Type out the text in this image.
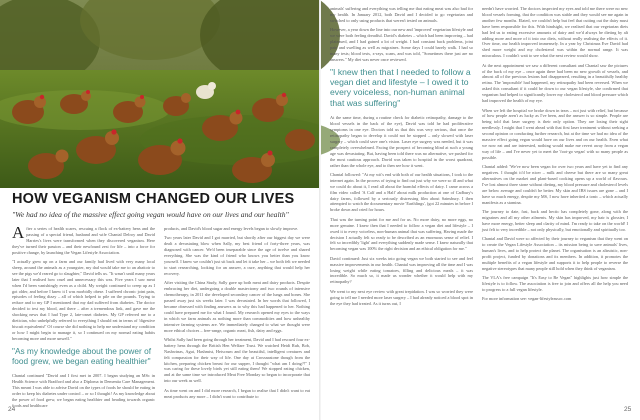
HOW VEGANISM CHANGED OUR LIVES
"We had no idea of the massive effect going vegan would have on our lives and our health"

After a series of health scares, rescuing a flock of ex-battery hens and the passing of a special friend, husband and wife Chantal Delroy and David Harries's lives were transformed when they discovered veganism. Here they've turned their passion – and their newfound zest for life – into a force for positive change, by launching the Vegan Lifestyle Association.

"I actually grew up on a farm and our family had lived with very many local sheep, around the animals as a youngster, my dad would take me to an abattoir to see the pigs we'd reared go to slaughter," David tells us. "It wasn't until many years later that I realised how cruel and unnecessary this was. Five years I saw meat when I'd been vanishingly even as a child. My weight continued to creep up as I got older, and before I knew it I was morbidly obese. I suffered chronic joint pain, episodes of feeling dizzy – all of which helped to pile on the pounds. Trying to reduce and to my GP I mentioned that my dad suffered from diabetes. The doctor decided to test my blood, and there – after a tremendous link, and gave me the shocking news that I had Type 2, late-onset diabetes. My GP referred me to a dietician, who unhelpfully referred to everything I should eat in terms of 'digestive biscuit equivalents!' Of course she did nothing to help me understand my condition or how I might begin to manage it, so I continued on my normal eating habits becoming more and more unwell."

"As my knowledge about the power of food grew, we began eating healthier"

Chantal continued "David and I first met in 2007. I began studying an MSc in Health Science with Bradford and also a Diploma in Dementia Care Management. This meant I was able to advise David on the types of foods he should be eating in order to keep his diabetes under control – or so I thought! As my knowledge about the power of food grew, we began eating healthier and heading towards organic foods and healthcare

products, and David's blood sugar and energy levels began to slowly improve.

Two years later David and I got married, but shortly after our biggest day we were dealt a devastating blow when Sally, my best friend of forty-three years, was diagnosed with cancer. We'd been inseparable since the age of twelve and shared everything. She was the kind of friend who knows you better than you know yourself. I knew we couldn't just sit back and let it take her – we both felt we needed to start researching, looking for an answer, a cure, anything that would help her recovery.

After visiting the China Study, Sally gave up both meat and dairy products. Despite embracing her diet, undergoing a double mastectomy and two rounds of intensive chemotherapy, in 2011 she developed secondary cancer of the lungs and bones. She passed away just six weeks later. I was devastated. In her words that followed, I became obsessed with finding answers as to why this had happened to her. Nothing could have prepared me for what I found. My research opened my eyes to the ways in which we farm animals as nothing more than commodities and how unhealthy intensive farming systems are. We immediately changed to what we thought were more ethical choices – free-range, organic meat, fish, dairy and eggs.

Whilst Sally had been going through her treatment, David and I had rescued four ex-battery hens through the British Hen Welfare Trust. We watched Heidi Rub, Bob, Nashwinas, Agui, Hashmist, Heiscrum and the beautiful, intelligent creatures and felt compassion for their way of life. One day at Crossnastone though from the kitchen, preparing chicken breast for our supper, I thought "what am I doing?!" I was caring for these lovely birds yet still eating them! We stopped eating chicken, and at the same time we introduced Meat Free Monday so began to incorporate that into our week as well.

As time went on and I did more research, I began to realise that I didn't want to eat meat products any more – I didn't want to contribute to

animals' suffering and everything was telling me that eating meat was also bad for my health. In January 2012, both David and I decided to go vegetarian and switched to only using products that weren't tested on animals.

However, a year down the line into our new and 'improved' vegetarian lifestyle and we were both feeling dreadful. David's diabetes – which had been improving – had plateaued, and I had gained a lot of weight. I had constant back problems, joint pain and swelling as well as migraines. Some days I could barely walk. I had so many tests; blood tests, x-rays, scans, and was told, "Sometimes there just are no answers." My diet was never once reviewed.

"I knew then that I needed to follow a vegan diet and lifestyle – I owed it to every voiceless, non-human animal that was suffering"

At the same time, during a routine check for diabetic retinopathy, damage to the blood vessels in the back of the eye), David was told he had proliferative symptoms in one eye. Doctors told us that this was very serious, that once the retinopathy began to develop it could not be stopped – only slowed with laser surgery – which could save one's vision. Laser eye surgery was needed, but it was completely overwhelmed. Facing the prospect of becoming blind at such a young age was devastating. But, having been told there was no alternative, we pushed for the most cautious approach. David was taken to hospital in the worst quadrant, rather than the whole eye, and to then see how it went.

Chantal followed: "At my wit's end with both of our health situations, I took to the internet again. In the process of trying to find out just why we were so ill and what we could do about it, I read all about the harmful effects of dairy. I came across a film video called 'A Calf and a Half' about milk production at one of Cadbury's dairy farms, followed by a seriously distressing film about Sainsbury. I then attempted to watch the documentary movie 'Earthlings', (got 22 minutes in before I broke down and cried for hours.

That was the turning point for me and for us. No more dairy, no more eggs, no more genuine. I knew then that I needed to follow a vegan diet and lifestyle – I owed it to every voiceless, non-human animal that was suffering. Having made the decision I actually felt so ready to be described as an enormous sense of relief. I felt so incredibly 'light' and everything suddenly made sense. I knew naturally that becoming vegan was 100% the right decision and an ethical obligation for me."

David continued: Just six weeks into going vegan we both started to see and feel massive improvements in our health. Chantal was improving all the time and I was losing weight while eating tomatoes, filling and delicious meals – it was incredible. So much so, it made us wonder whether it would help with my retinopathy?

We went to my next eye review with great trepidation. I was so worried they were going to tell me I needed more laser surgery – I had already noticed a blood spot in the eye they had treated. As it turns out, I

needn't have worried. The doctors inspected my eyes and told me there were no new blood vessels forming, that the condition was stable and they would see me again in another few months. Elated, we couldn't help but feel that cutting out the dairy must have been responsible for this. With hindsight, we realised that our vegetarian diets had led us to eating excessive amounts of dairy and we'd always be dieting by alt adding more and more of it into our diets, without really realising the effects of it. Over time, our health improved immensely. In a year by Christmas Eve David had shed more weight and my cholesterol was within the normal range. It was miraculous. I couldn't wait to see what the next review would show.

At the next appointment we saw a different consultant and Chantal saw the pictures of the back of my eye – once again there had been no new growth of vessels, and almost all of the previous lesions had disappeared, resulting in a beautifully healthy retina. The 'impossible' had happened, my retinopathy had been reversed. When we asked this consultant if it could be down to our vegan lifestyle, she confirmed that veganism had helped to significantly lower my cholesterol and blood pressure which had improved the health of my eye.

When we left the hospital we broke down in tears – not just with relief, but because of how people aren't as lucky as I've been, and the answer is so simple. People are being told that laser surgery is their only option. They are losing their sight needlessly. I might that I went ahead with that first laser treatment without seeking a second opinion or conducting further research, but at the time we had no idea of the massive effect going vegan would have on our lives and on our health. Even what we now eat and are interested, nothing would make me revert away from a vegan way of life – and I've never yet to meet the 'foot-go vegan' with so many people as possible.

Chantal added: 'We've now been vegan for over two years and have yet to find any negatives. I thought it'd be nicer – milk and cheese but there are so many great alternatives on the market and plant-based cooking opens up a world of flavours. I've lost almost three stone without dieting, my blood pressure and cholesterol levels are below average and couldn't be better. My skin and IBS issues are gone – and I have so much energy, despite my MS, I now have inherited a tonic – which actually manifests as a stamina.

The journey to date, fast, back and hectic has completely gone, along with the migraines and all my other ailments. My skin has improved, my hair is glossier, I have more energy, better sleep and clarity of mind. I'm ready to take on the world! I just felt to very incredible – not only physically, but emotionally and spiritually too.

Chantal and David were so affected by their journey to veganism that they went on to create the Vegan Lifestyle Association – its mission being to save animals' lives, human's lives, and to help protect the planet. The organisation is an altruistic, non-profit project, funded by donations and its members. In addition, it promotes the multiple benefits of a vegan lifestyle and supports it to help people to reverse the negative stereotypes that many people still hold when they think of veganism.

The VLA's free campaign "It's Easy to Be Vegan" highlights just how simple the lifestyle is to follow. The association is free to join and offers all the help you need to progress to a full vegan lifestyle.

For more information see: vegan-lifestyleassoc.com

24	25
